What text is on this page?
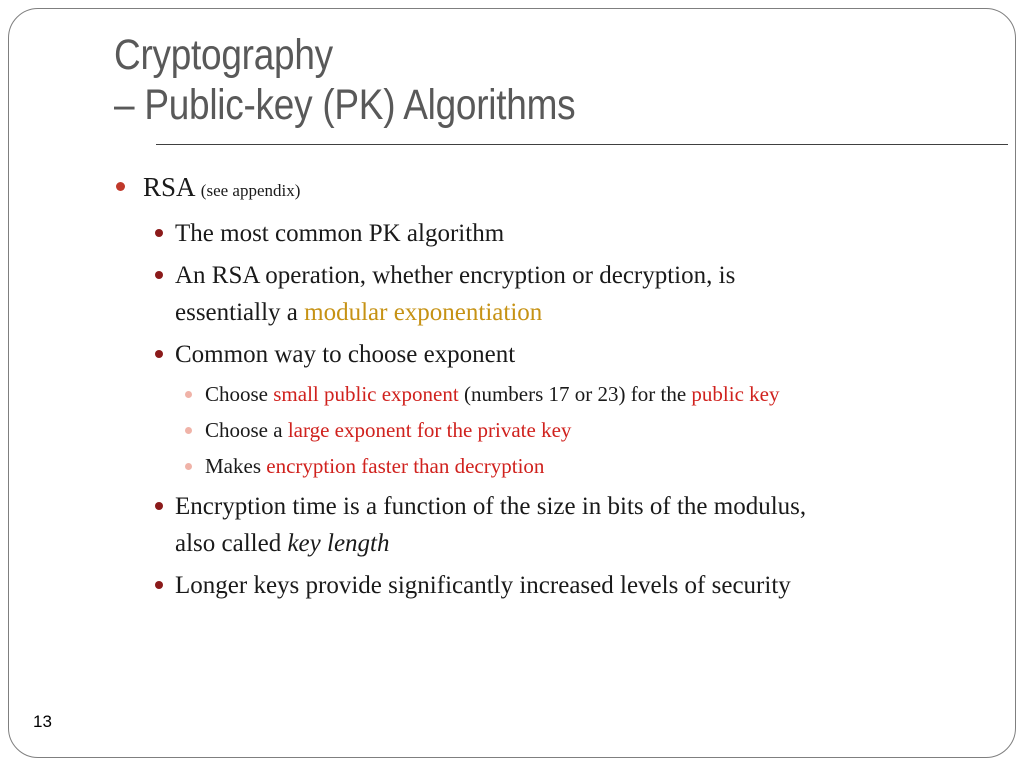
Cryptography
– Public-key (PK) Algorithms
RSA (see appendix)
The most common PK algorithm
An RSA operation, whether encryption or decryption, is
essentially a modular exponentiation
Common way to choose exponent
Choose small public exponent (numbers 17 or 23) for the public key
Choose a large exponent for the private key
Makes encryption faster than decryption
Encryption time is a function of the size in bits of the modulus,
also called key length
Longer keys provide significantly increased levels of security
13
